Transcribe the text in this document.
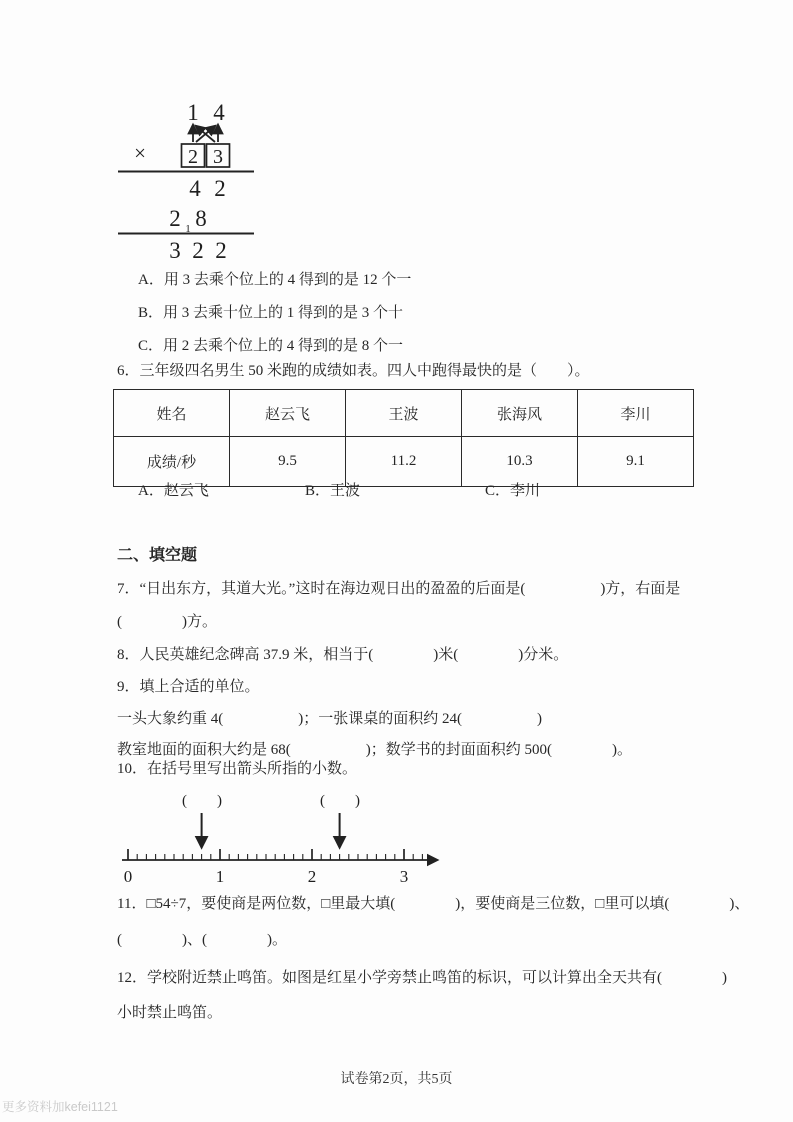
1 4
× 2 3
4 2
2 1 8
3 2 2
A．用 3 去乘个位上的 4 得到的是 12 个一
B．用 3 去乘十位上的 1 得到的是 3 个十
C．用 2 去乘个位上的 4 得到的是 8 个一
6．三年级四名男生 50 米跑的成绩如表。四人中跑得最快的是（　　）。
姓名	赵云飞	王波	张海风	李川
成绩/秒	9.5	11.2	10.3	9.1
A．赵云飞	B．王波	C．李川
二、填空题
7．“日出东方，其道大光。”这时在海边观日出的盈盈的后面是(　　　　　)方，右面是
(　　　　)方。
8．人民英雄纪念碑高 37.9 米，相当于(　　　　)米(　　　　)分米。
9．填上合适的单位。
一头大象约重 4(　　　　　)；一张课桌的面积约 24(　　　　　)
教室地面的面积大约是 68(　　　　　)；数学书的封面面积约 500(　　　　)。
10．在括号里写出箭头所指的小数。
(　　)	(　　)
0	1	2	3
11．□54÷7，要使商是两位数，□里最大填(　　　　)，要使商是三位数，□里可以填(　　　　)、
(　　　　)、(　　　　)。
12．学校附近禁止鸣笛。如图是红星小学旁禁止鸣笛的标识，可以计算出全天共有(　　　　)
小时禁止鸣笛。
试卷第2页，共5页
更多资料加kefei1121
